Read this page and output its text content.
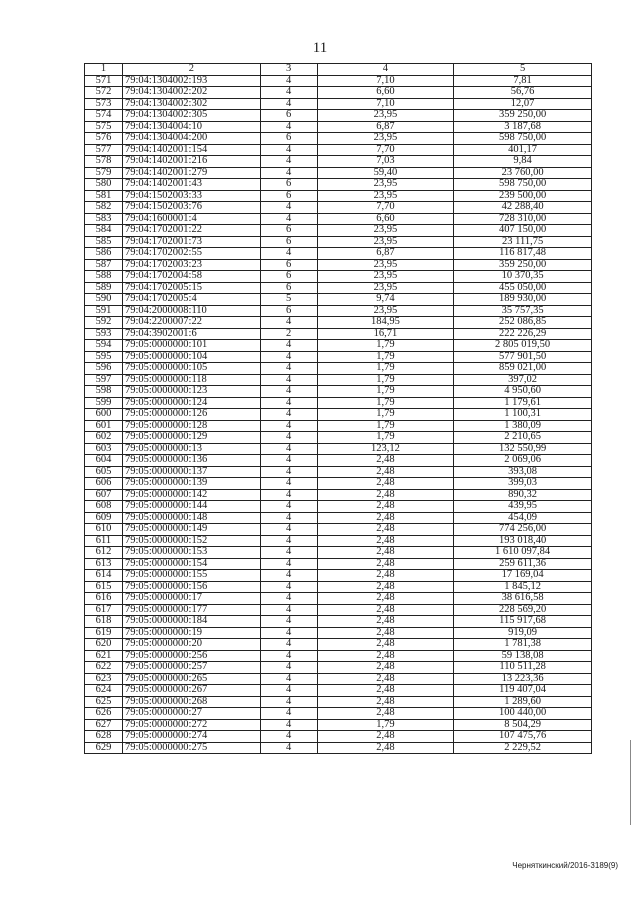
11
1	2	3	4	5
571	79:04:1304002:193	4	7,10	7,81
572	79:04:1304002:202	4	6,60	56,76
573	79:04:1304002:302	4	7,10	12,07
574	79:04:1304002:305	6	23,95	359 250,00
575	79:04:1304004:10	4	6,87	3 187,68
576	79:04:1304004:200	6	23,95	598 750,00
577	79:04:1402001:154	4	7,70	401,17
578	79:04:1402001:216	4	7,03	9,84
579	79:04:1402001:279	4	59,40	23 760,00
580	79:04:1402001:43	6	23,95	598 750,00
581	79:04:1502003:33	6	23,95	239 500,00
582	79:04:1502003:76	4	7,70	42 288,40
583	79:04:1600001:4	4	6,60	728 310,00
584	79:04:1702001:22	6	23,95	407 150,00
585	79:04:1702001:73	6	23,95	23 111,75
586	79:04:1702002:55	4	6,87	116 817,48
587	79:04:1702003:23	6	23,95	359 250,00
588	79:04:1702004:58	6	23,95	10 370,35
589	79:04:1702005:15	6	23,95	455 050,00
590	79:04:1702005:4	5	9,74	189 930,00
591	79:04:2000008:110	6	23,95	35 757,35
592	79:04:2200007:22	4	184,95	252 086,85
593	79:04:3902001:6	2	16,71	222 226,29
594	79:05:0000000:101	4	1,79	2 805 019,50
595	79:05:0000000:104	4	1,79	577 901,50
596	79:05:0000000:105	4	1,79	859 021,00
597	79:05:0000000:118	4	1,79	397,02
598	79:05:0000000:123	4	1,79	4 950,60
599	79:05:0000000:124	4	1,79	1 179,61
600	79:05:0000000:126	4	1,79	1 100,31
601	79:05:0000000:128	4	1,79	1 380,09
602	79:05:0000000:129	4	1,79	2 210,65
603	79:05:0000000:13	4	123,12	132 550,99
604	79:05:0000000:136	4	2,48	2 069,06
605	79:05:0000000:137	4	2,48	393,08
606	79:05:0000000:139	4	2,48	399,03
607	79:05:0000000:142	4	2,48	890,32
608	79:05:0000000:144	4	2,48	439,95
609	79:05:0000000:148	4	2,48	454,09
610	79:05:0000000:149	4	2,48	774 256,00
611	79:05:0000000:152	4	2,48	193 018,40
612	79:05:0000000:153	4	2,48	1 610 097,84
613	79:05:0000000:154	4	2,48	259 611,36
614	79:05:0000000:155	4	2,48	17 169,04
615	79:05:0000000:156	4	2,48	1 845,12
616	79:05:0000000:17	4	2,48	38 616,58
617	79:05:0000000:177	4	2,48	228 569,20
618	79:05:0000000:184	4	2,48	115 917,68
619	79:05:0000000:19	4	2,48	919,09
620	79:05:0000000:20	4	2,48	1 781,38
621	79:05:0000000:256	4	2,48	59 138,08
622	79:05:0000000:257	4	2,48	110 511,28
623	79:05:0000000:265	4	2,48	13 223,36
624	79:05:0000000:267	4	2,48	119 407,04
625	79:05:0000000:268	4	2,48	1 289,60
626	79:05:0000000:27	4	2,48	100 440,00
627	79:05:0000000:272	4	1,79	8 504,29
628	79:05:0000000:274	4	2,48	107 475,76
629	79:05:0000000:275	4	2,48	2 229,52
Черняткинский/2016-3189(9)
